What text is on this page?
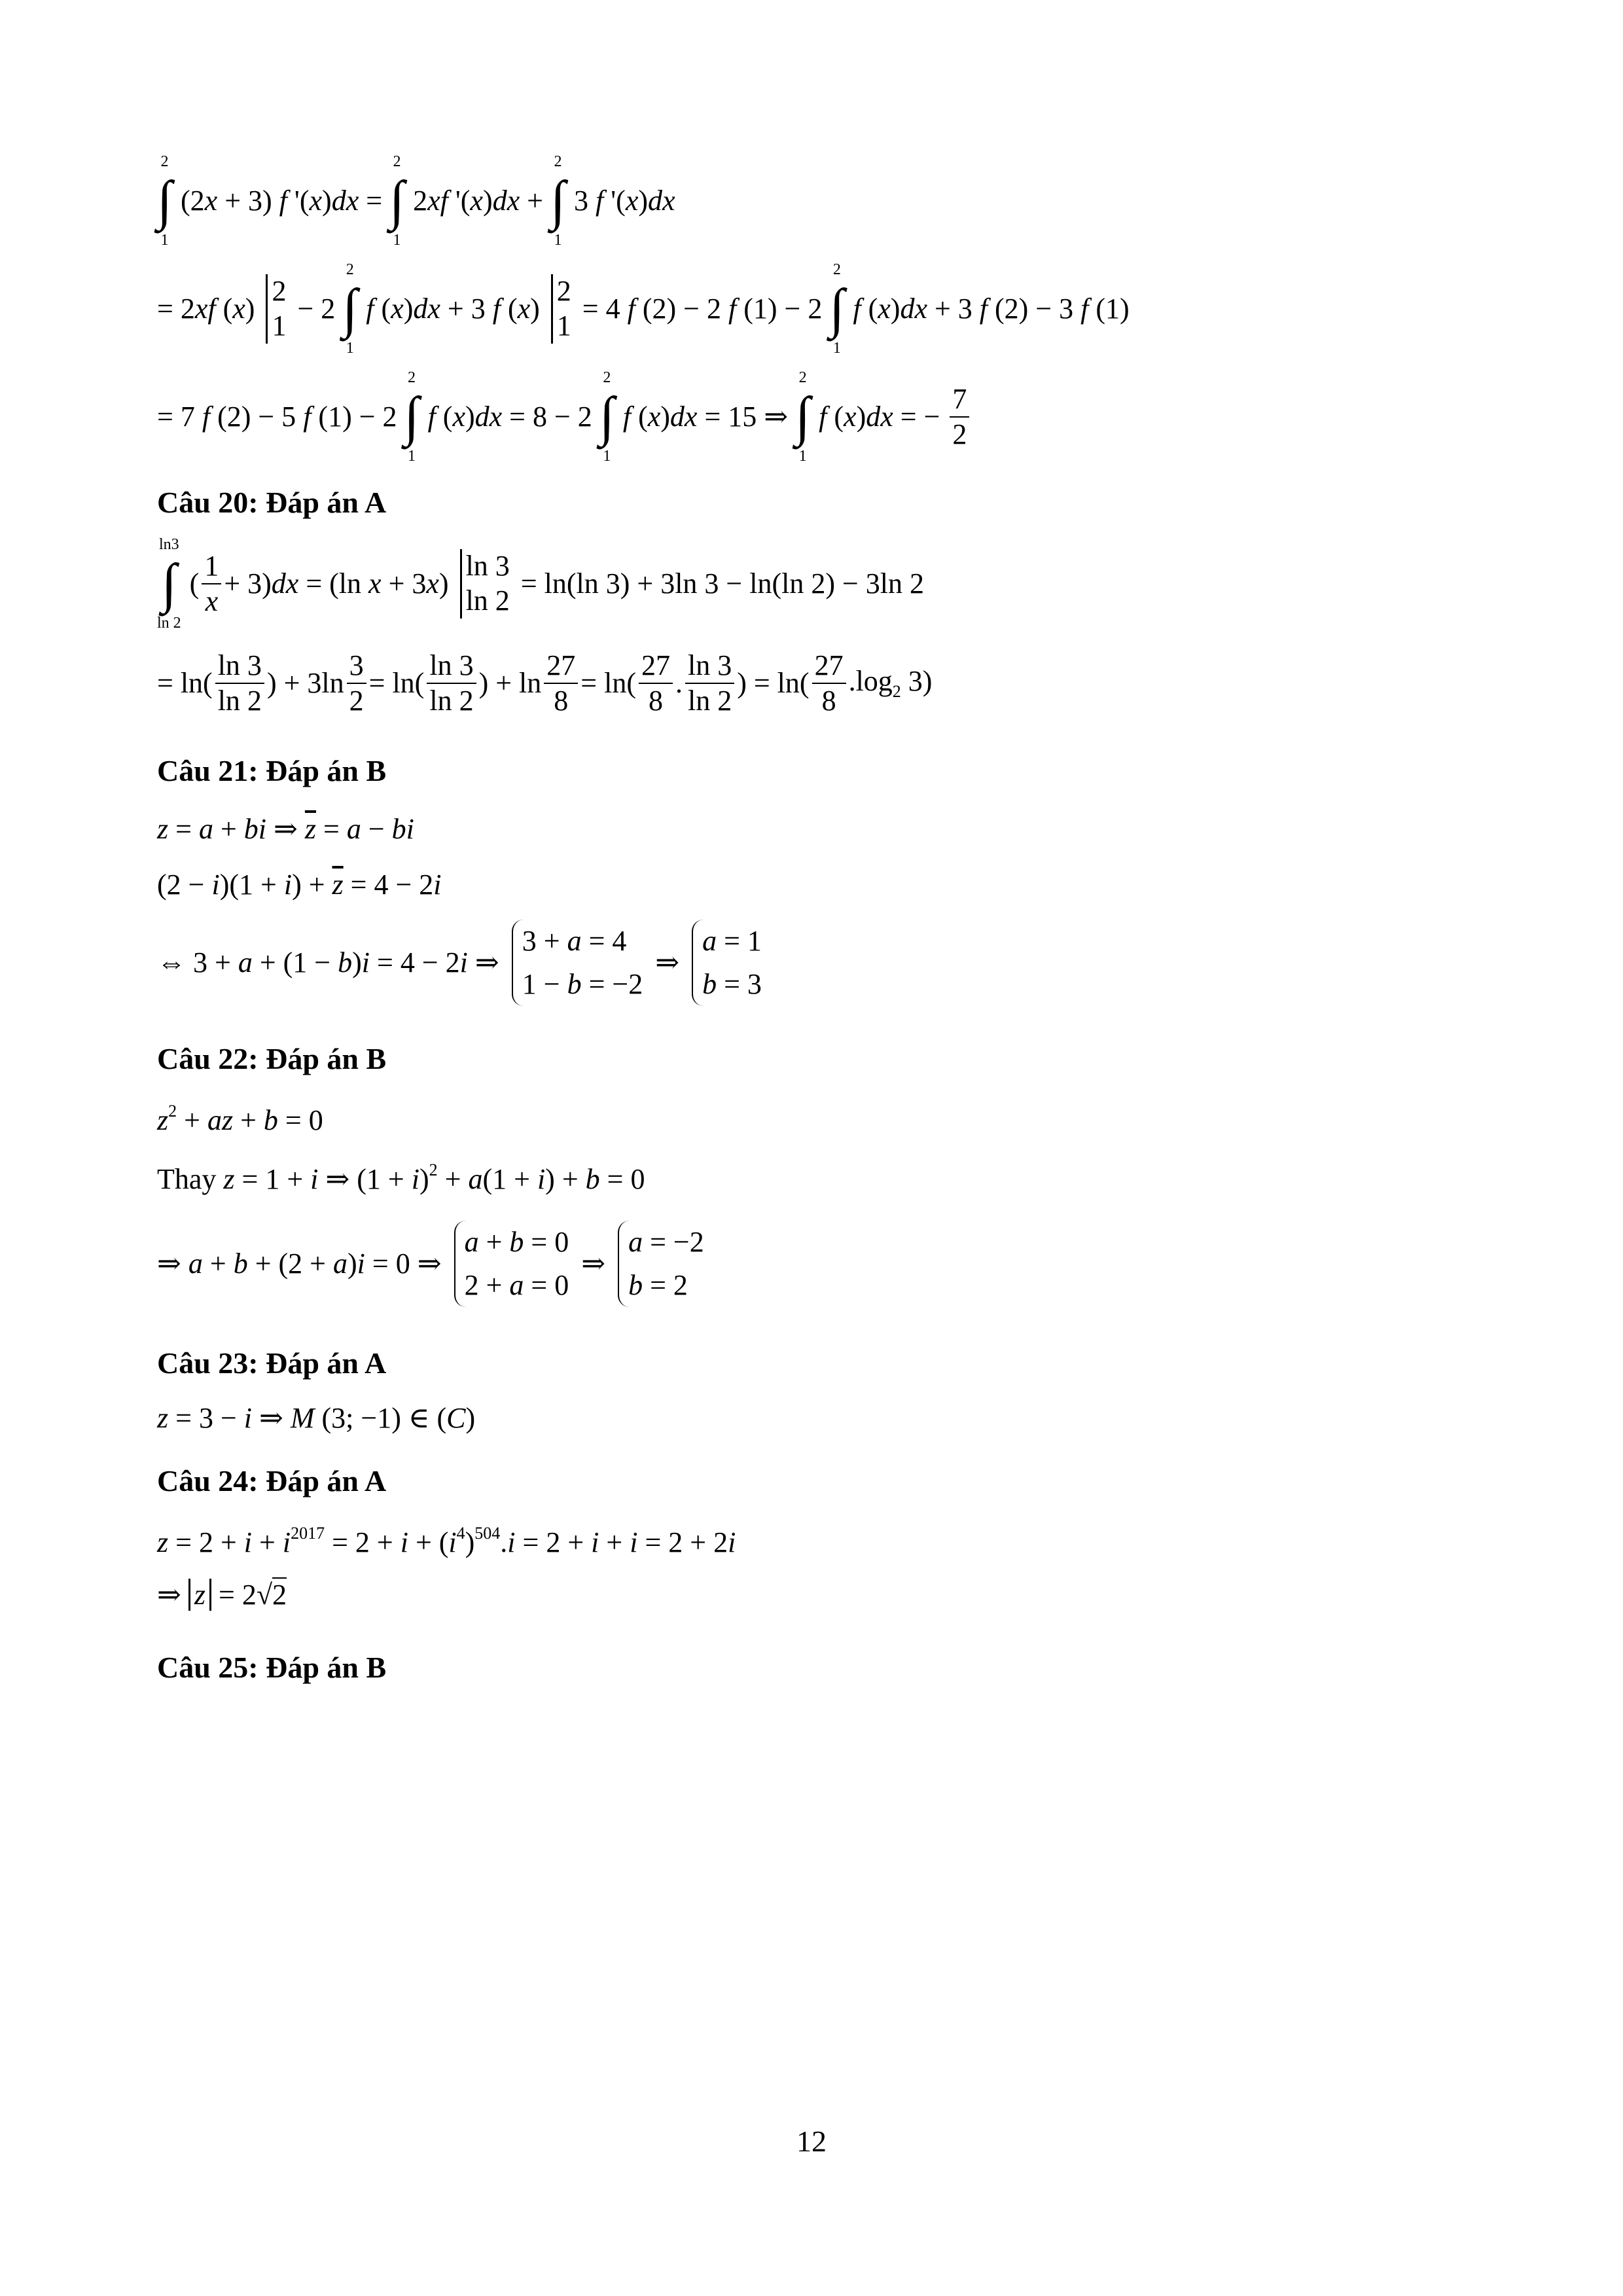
2
∫
1
(2x + 3) f '(x)dx =
2
∫
1
2xf '(x)dx +
2
∫
1
3 f '(x)dx
= 2xf (x)
2
1
− 2
2
∫
1
f (x)dx + 3 f (x)
2
1
= 4 f (2) − 2 f (1) − 2
2
∫
1
f (x)dx + 3 f (2) − 3 f (1)
= 7 f (2) − 5 f (1) − 2
2
∫
1
f (x)dx = 8 − 2
2
∫
1
f (x)dx = 15 ⇒
2
∫
1
f (x)dx = − $\frac{7}{2}$
Câu 20: Đáp án A
ln3
∫
ln 2
( $\frac{1}{x} + 3)dx = (\ln$ x + 3x)
ln 3
ln 2
= ln(ln 3) + 3ln 3 − ln(ln 2) − 3ln 2
= $\ln( \frac{\ln 3}{\ln 2}$ ) + $3\ln \frac{3}{2} = \ln( \frac{\ln 3}{\ln 2}$ ) + $\ln \frac{27}{8} = \ln( \frac{27}{8}$ . $\frac{\ln 3}{\ln 2}$ ) = $\ln( \frac{27}{8} .\log_2$ 3)
Câu 21: Đáp án B
z = a + bi ⇒ $\overline{z} = a$ − bi
$(2 - i)(1 + i) + \overline{z} = 4 - 2i$
⇔ 3 + a + (1 − b)i = 4 − 2i ⇒
3 + a = 4
1 − b = −2
⇒
a = 1
b = 3
Câu 22: Đáp án B
$z^2$ + az + b = 0
Thay z = 1 + i ⇒ $(1 + i)^2 + a(1 + i) + b = 0$
⇒ a + b + (2 + a)i = 0 ⇒
a + b = 0
2 + a = 0
⇒
a = −2
b = 2
Câu 23: Đáp án A
z = 3 − i ⇒ M (3; −1) ∈ (C)
Câu 24: Đáp án A
$z = 2 + i + i^{2017} = 2 + i + (i^4)^{504}.i = 2 + i + i = 2 + 2i$
⇒ z = 2√2
Câu 25: Đáp án B
12
